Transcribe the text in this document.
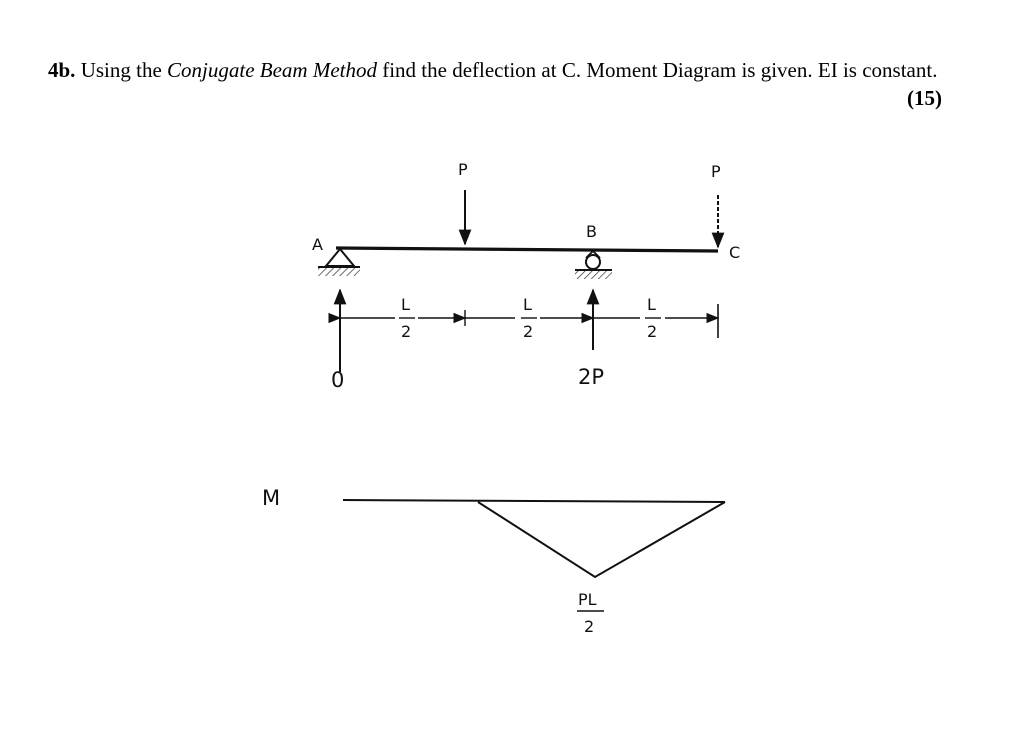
4b. Using the Conjugate Beam Method find the deflection at C. Moment Diagram is given. EI is constant.
(15)
A
B
P	P
C
0	2P
L
2
L
2
L
2
M
PL
2
